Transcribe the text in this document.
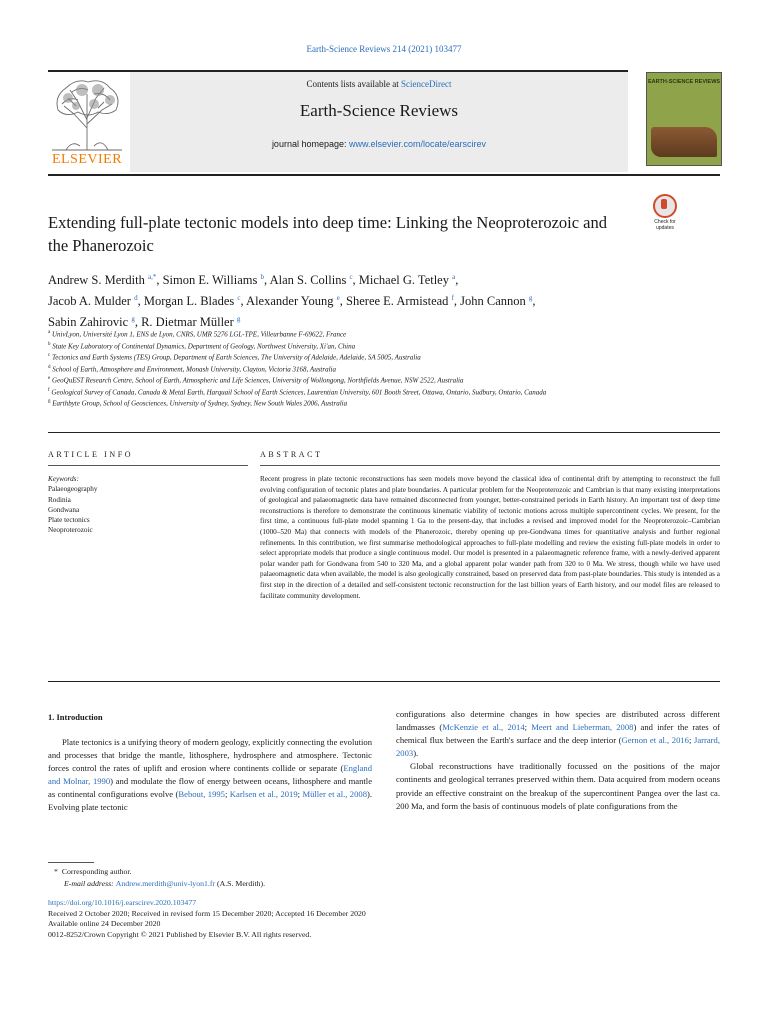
Earth-Science Reviews 214 (2021) 103477
ELSEVIER
Contents lists available at ScienceDirect
Earth-Science Reviews
journal homepage: www.elsevier.com/locate/earscirev
EARTH-SCIENCE REVIEWS
Check for
updates
Extending full-plate tectonic models into deep time: Linking the Neoproterozoic and the Phanerozoic
Andrew S. Merdith $^{a,*}$, Simon E. Williams $^b$, Alan S. Collins $^c$, Michael G. Tetley $^a$,
Jacob A. Mulder $^d$, Morgan L. Blades $^c$, Alexander Young $^e$, Sheree E. Armistead $^f$, John Cannon $^g$,
Sabin Zahirovic $^g$, R. Dietmar Müller $^g$
$^a$ UnivLyon, Université Lyon 1, ENS de Lyon, CNRS, UMR 5276 LGL-TPE, Villeurbanne F-69622, France
$^b$ State Key Laboratory of Continental Dynamics, Department of Geology, Northwest University, Xi'an, China
$^c$ Tectonics and Earth Systems (TES) Group, Department of Earth Sciences, The University of Adelaide, Adelaide, SA 5005, Australia
$^d$ School of Earth, Atmosphere and Environment, Monash University, Clayton, Victoria 3168, Australia
$^e$ GeoQuEST Research Centre, School of Earth, Atmospheric and Life Sciences, University of Wollongong, Northfields Avenue, NSW 2522, Australia
$^f$ Geological Survey of Canada, Canada & Metal Earth, Harquail School of Earth Sciences, Laurentian University, 601 Booth Street, Ottawa, Ontario, Sudbury, Ontario, Canada
$^g$ Earthbyte Group, School of Geosciences, University of Sydney, Sydney, New South Wales 2006, Australia
ARTICLE INFO	ABSTRACT
Keywords:
Palaeogeography
Rodinia
Gondwana
Plate tectonics
Neoproterozoic
Recent progress in plate tectonic reconstructions has seen models move beyond the classical idea of continental drift by attempting to reconstruct the full evolving configuration of tectonic plates and plate boundaries. A particular problem for the Neoproterozoic and Cambrian is that many existing interpretations of geological and palaeomagnetic data have remained disconnected from younger, better-constrained periods in Earth history. An important test of deep time reconstructions is therefore to demonstrate the continuous kinematic viability of tectonic motions across multiple supercontinent cycles. We present, for the first time, a continuous full-plate model spanning 1 Ga to the present-day, that includes a revised and improved model for the Neoproterozoic–Cambrian (1000–520 Ma) that connects with models of the Phanerozoic, thereby opening up pre-Gondwana times for quantitative analysis and further regional refinements. In this contribution, we first summarise methodological approaches to full-plate modelling and review the existing full-plate models in order to select appropriate models that produce a single continuous model. Our model is presented in a palaeomagnetic reference frame, with a newly-derived apparent polar wander path for Gondwana from 540 to 320 Ma, and a global apparent polar wander path from 320 to 0 Ma. We stress, though while we have used palaeomagnetic data when available, the model is also geologically constrained, based on preserved data from past-plate boundaries. This study is intended as a first step in the direction of a detailed and self-consistent tectonic reconstruction for the last billion years of Earth history, and our model files are released to facilitate community development.
1. Introduction

Plate tectonics is a unifying theory of modern geology, explicitly connecting the evolution and processes that bridge the mantle, lithosphere, hydrosphere and atmosphere. Tectonic forces control the rates of uplift and erosion where continents collide or separate (England and Molnar, 1990) and modulate the flow of energy between oceans, lithosphere and mantle as continental configurations evolve (Bebout, 1995; Karlsen et al., 2019; Müller et al., 2008). Evolving plate tectonic

configurations also determine changes in how species are distributed across different landmasses (McKenzie et al., 2014; Meert and Lieberman, 2008) and infer the rates of chemical flux between the Earth's surface and the deep interior (Gernon et al., 2016; Jarrard, 2003).

Global reconstructions have traditionally focussed on the positions of the major continents and geological terranes preserved within them. Data acquired from modern oceans provide an effective constraint on the breakup of the supercontinent Pangea over the last ca. 200 Ma, and form the basis of continuous models of plate configurations from the

* Corresponding author.
E-mail address: Andrew.merdith@univ-lyon1.fr (A.S. Merdith).
https://doi.org/10.1016/j.earscirev.2020.103477
Received 2 October 2020; Received in revised form 15 December 2020; Accepted 16 December 2020
Available online 24 December 2020
0012-8252/Crown Copyright © 2021 Published by Elsevier B.V. All rights reserved.
